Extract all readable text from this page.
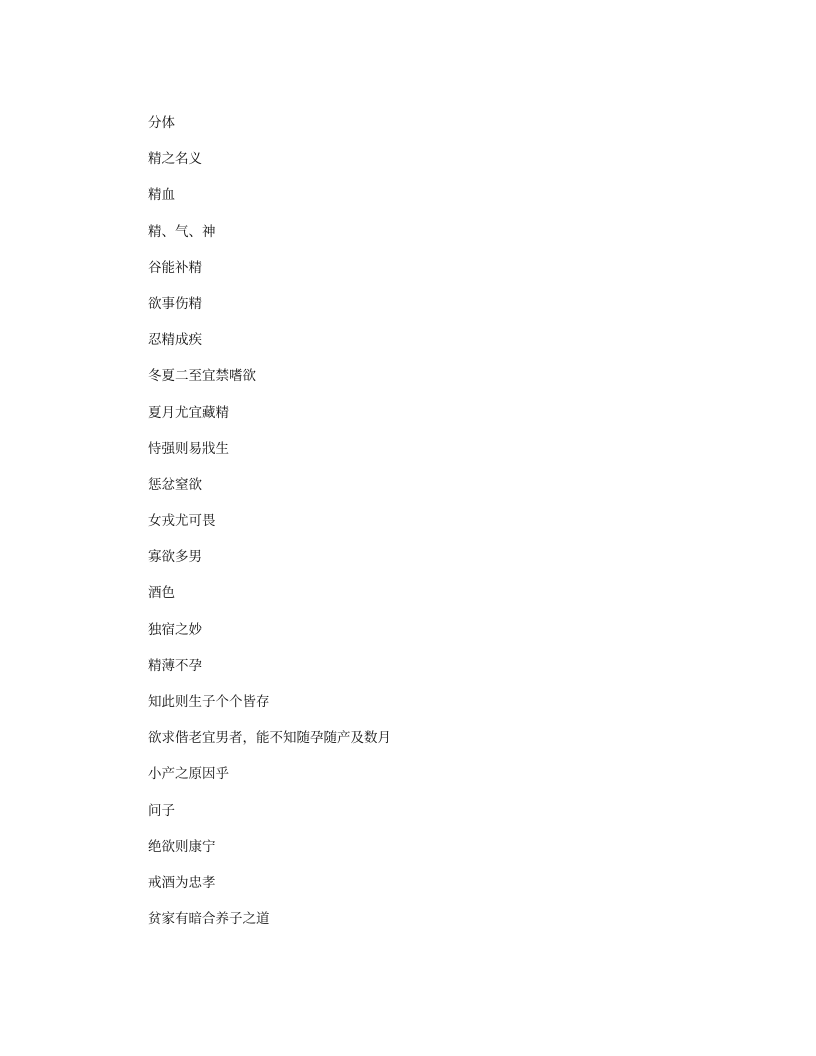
分体
精之名义
精血
精、气、神
谷能补精
欲事伤精
忍精成疾
冬夏二至宜禁嗜欲
夏月尤宜藏精
恃强则易戕生
惩忿窒欲
女戎尤可畏
寡欲多男
酒色
独宿之妙
精薄不孕
知此则生子个个皆存
欲求偕老宜男者，能不知随孕随产及数月
小产之原因乎
问子
绝欲则康宁
戒酒为忠孝
贫家有暗合养子之道
